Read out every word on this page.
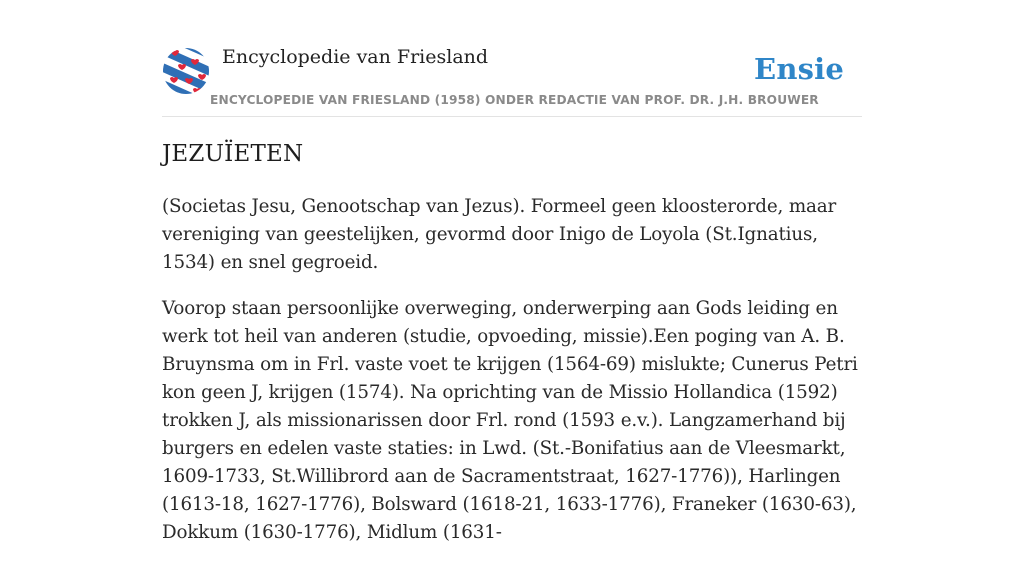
Encyclopedie van Friesland	Ensie
ENCYCLOPEDIE VAN FRIESLAND (1958) ONDER REDACTIE VAN PROF. DR. J.H. BROUWER
JEZUÏETEN

(Societas Jesu, Genootschap van Jezus). Formeel geen kloosterorde, maar vereniging van geestelijken, gevormd door Inigo de Loyola (St.Ignatius, 1534) en snel gegroeid.

Voorop staan persoonlijke overweging, onderwerping aan Gods leiding en werk tot heil van anderen (studie, opvoeding, missie).Een poging van A. B. Bruynsma om in Frl. vaste voet te krijgen (1564-69) mislukte; Cunerus Petri kon geen J, krijgen (1574). Na oprichting van de Missio Hollandica (1592) trokken J, als missionarissen door Frl. rond (1593 e.v.). Langzamerhand bij burgers en edelen vaste staties: in Lwd. (St.-Bonifatius aan de Vleesmarkt, 1609-1733, St.Willibrord aan de Sacramentstraat, 1627-1776)), Harlingen (1613-18, 1627-1776), Bolsward (1618-21, 1633-1776), Franeker (1630-63), Dokkum (1630-1776), Midlum (1631-
